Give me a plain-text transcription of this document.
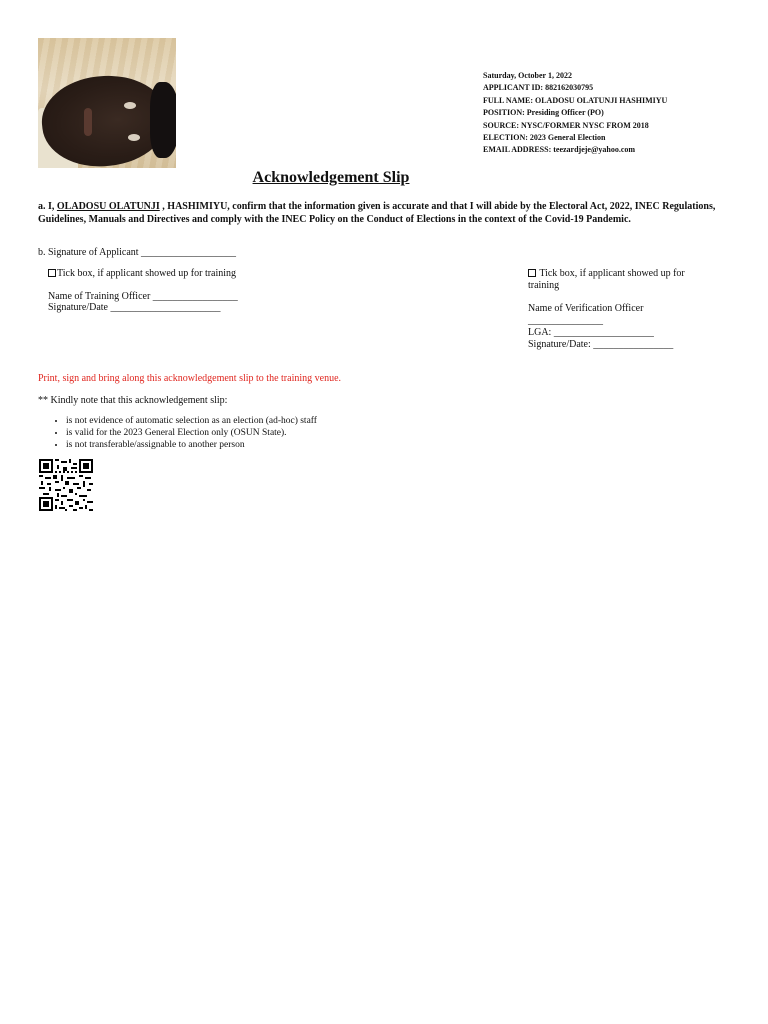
Saturday, October 1, 2022
APPLICANT ID: 882162030795
FULL NAME: OLADOSU OLATUNJI HASHIMIYU
POSITION: Presiding Officer (PO)
SOURCE: NYSC/FORMER NYSC FROM 2018
ELECTION: 2023 General Election
EMAIL ADDRESS: teezardjeje@yahoo.com
Acknowledgement Slip
a. I, OLADOSU OLATUNJI , HASHIMIYU, confirm that the information given is accurate and that I will abide by the Electoral Act, 2022, INEC Regulations, Guidelines, Manuals and Directives and comply with the INEC Policy on the Conduct of Elections in the context of the Covid-19 Pandemic.
b. Signature of Applicant ___________________
Tick box, if applicant showed up for training
Name of Training Officer _________________
Signature/Date ______________________
Tick box, if applicant showed up for training
Name of Verification Officer
_______________
LGA: ____________________
Signature/Date: ________________
Print, sign and bring along this acknowledgement slip to the training venue.
** Kindly note that this acknowledgement slip:
• is not evidence of automatic selection as an election (ad-hoc) staff
• is valid for the 2023 General Election only (OSUN State).
• is not transferable/assignable to another person
